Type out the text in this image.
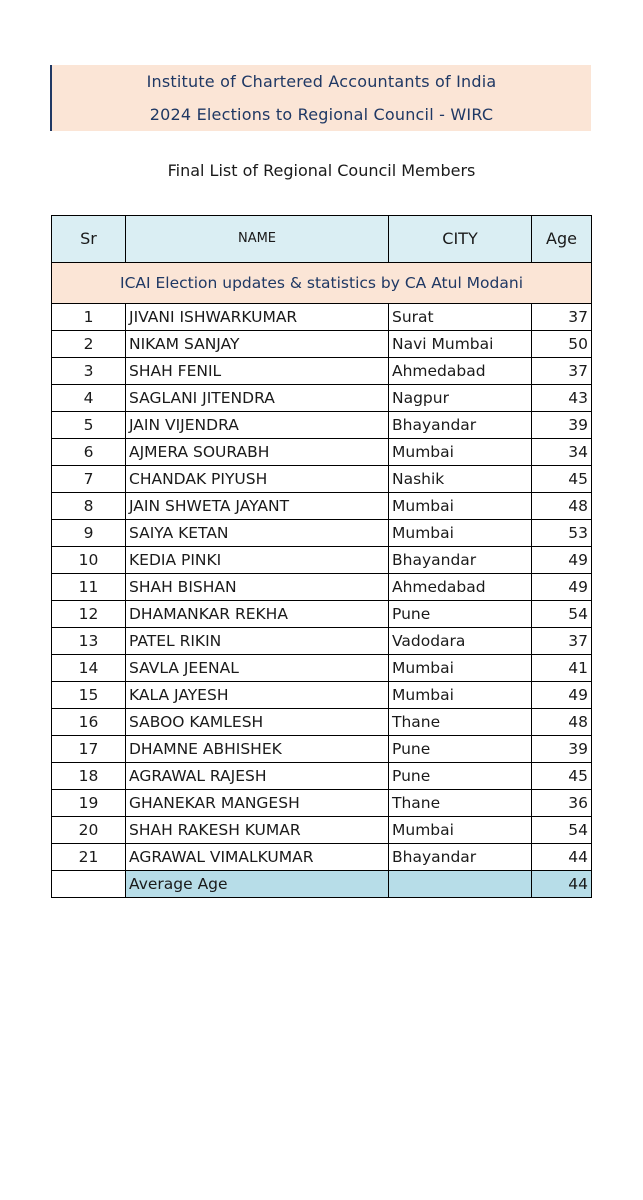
Institute of Chartered Accountants of India
2024 Elections to Regional Council - WIRC
Final List of Regional Council Members
Sr	NAME	CITY	Age
ICAI Election updates & statistics by CA Atul Modani			
1	JIVANI ISHWARKUMAR	Surat	37
2	NIKAM SANJAY	Navi Mumbai	50
3	SHAH FENIL	Ahmedabad	37
4	SAGLANI JITENDRA	Nagpur	43
5	JAIN VIJENDRA	Bhayandar	39
6	AJMERA SOURABH	Mumbai	34
7	CHANDAK PIYUSH	Nashik	45
8	JAIN SHWETA JAYANT	Mumbai	48
9	SAIYA KETAN	Mumbai	53
10	KEDIA PINKI	Bhayandar	49
11	SHAH BISHAN	Ahmedabad	49
12	DHAMANKAR REKHA	Pune	54
13	PATEL RIKIN	Vadodara	37
14	SAVLA JEENAL	Mumbai	41
15	KALA JAYESH	Mumbai	49
16	SABOO KAMLESH	Thane	48
17	DHAMNE ABHISHEK	Pune	39
18	AGRAWAL RAJESH	Pune	45
19	GHANEKAR MANGESH	Thane	36
20	SHAH RAKESH KUMAR	Mumbai	54
21	AGRAWAL VIMALKUMAR	Bhayandar	44
	Average Age		44
